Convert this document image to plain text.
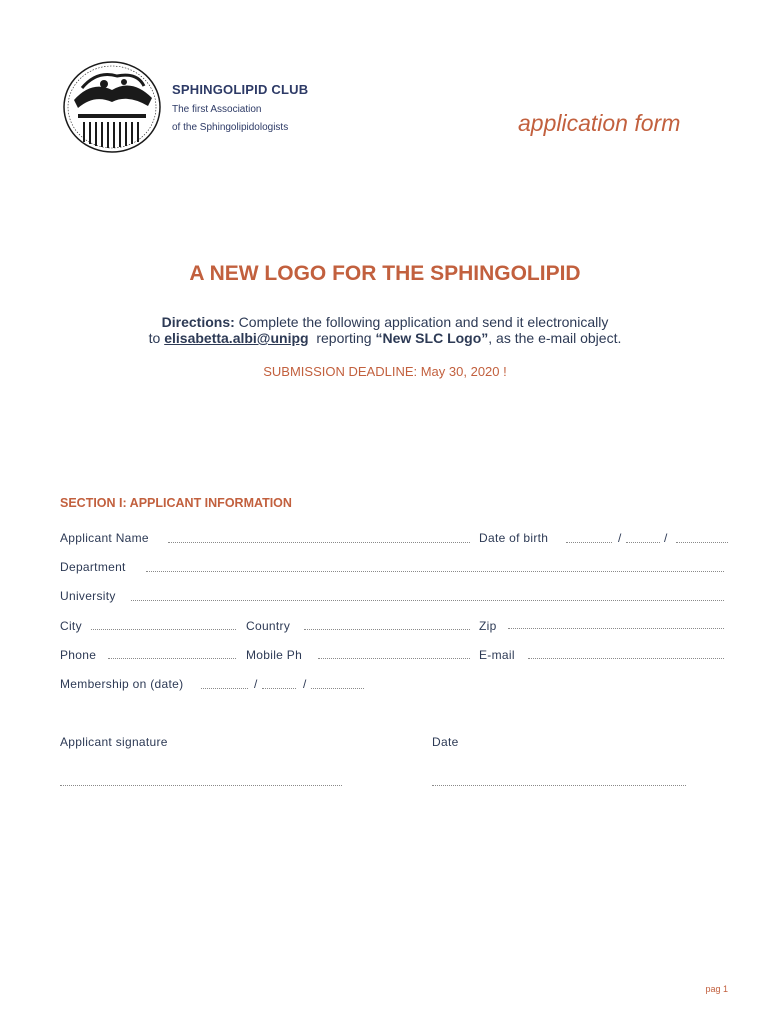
SPHINGOLIPID CLUB
The first Association
of the Sphingolipidologists	application form
A NEW LOGO FOR THE SPHINGOLIPID
Directions: Complete the following application and send it electronically
to elisabetta.albi@unipg  reporting “New SLC Logo”, as the e-mail object.
SUBMISSION DEADLINE: May 30, 2020 !
SECTION I: APPLICANT INFORMATION
Applicant Name	Date of birth	/	/
Department
University
City	Country	Zip
Phone	Mobile Ph	E-mail
Membership on (date)	/	/
Applicant signature	Date
pag 1
